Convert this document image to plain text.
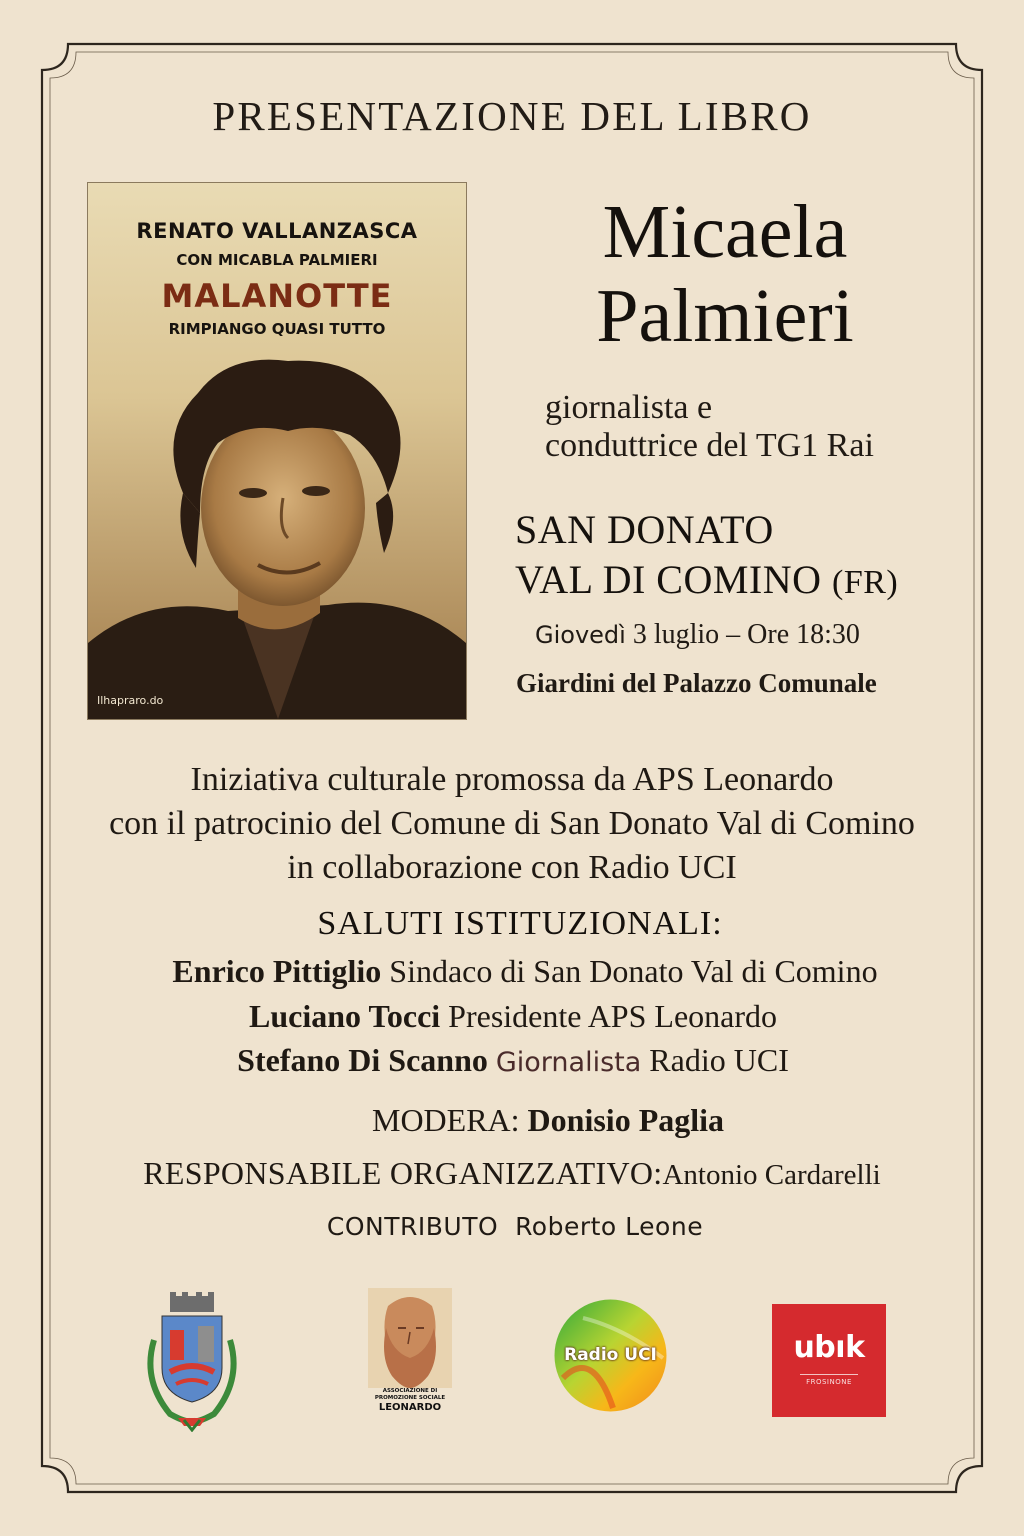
PRESENTAZIONE DEL LIBRO
RENATO VALLANZASCA
CON MICABLA PALMIERI
MALANOTTE
RIMPIANGO QUASI TUTTO
Ilhapraro.do
Micaela
Palmieri
giornalista e
conduttrice del TG1 Rai
SAN DONATO
VAL DI COMINO (FR)
Giovedì 3 luglio – Ore 18:30
Giardini del Palazzo Comunale
Iniziativa culturale promossa da APS Leonardo
con il patrocinio del Comune di San Donato Val di Comino
in collaborazione con Radio UCI
SALUTI ISTITUZIONALI:
Enrico Pittiglio Sindaco di San Donato Val di Comino
Luciano Tocci Presidente APS Leonardo
Stefano Di Scanno Giornalista Radio UCI
MODERA: Donisio Paglia
RESPONSABILE ORGANIZZATIVO:Antonio Cardarelli
CONTRIBUTO Roberto Leone
ASSOCIAZIONE DI
PROMOZIONE SOCIALE
LEONARDO
Radio UCI	ubık
FROSINONE
